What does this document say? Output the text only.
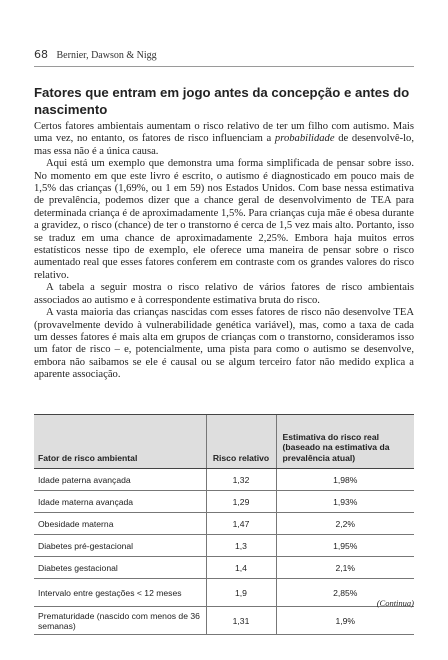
68 Bernier, Dawson & Nigg
Fatores que entram em jogo antes da concepção e antes do nascimento

Certos fatores ambientais aumentam o risco relativo de ter um filho com autismo. Mais uma vez, no entanto, os fatores de risco influenciam a probabilidade de desenvolvê-lo, mas essa não é a única causa.

Aqui está um exemplo que demonstra uma forma simplificada de pensar sobre isso. No momento em que este livro é escrito, o autismo é diagnosticado em pouco mais de 1,5% das crianças (1,69%, ou 1 em 59) nos Estados Unidos. Com base nessa estimativa de prevalência, podemos dizer que a chance geral de desenvolvimento de TEA para determinada criança é de aproximadamente 1,5%. Para crianças cuja mãe é obesa durante a gravidez, o risco (chance) de ter o transtorno é cerca de 1,5 vez mais alto. Portanto, isso se traduz em uma chance de aproximadamente 2,25%. Embora haja muitos erros estatísticos nesse tipo de exemplo, ele oferece uma maneira de pensar sobre o risco aumentado real que esses fatores conferem em contraste com os grandes valores do risco relativo.

A tabela a seguir mostra o risco relativo de vários fatores de risco ambientais associados ao autismo e à correspondente estimativa bruta do risco.

A vasta maioria das crianças nascidas com esses fatores de risco não desenvolve TEA (provavelmente devido à vulnerabilidade genética variável), mas, como a taxa de cada um desses fatores é mais alta em grupos de crianças com o transtorno, consideramos isso um fator de risco – e, potencialmente, uma pista para como o autismo se desenvolve, embora não saibamos se ele é causal ou se algum terceiro fator não medido explica a aparente associação.

Fator de risco ambiental	Risco relativo	Estimativa do risco real (baseado na estimativa da prevalência atual)
Idade paterna avançada	1,32	1,98%
Idade materna avançada	1,29	1,93%
Obesidade materna	1,47	2,2%
Diabetes pré-gestacional	1,3	1,95%
Diabetes gestacional	1,4	2,1%
Intervalo entre gestações < 12 meses	1,9	2,85%
Prematuridade (nascido com menos de 36 semanas)	1,31	1,9%
(Continua)
